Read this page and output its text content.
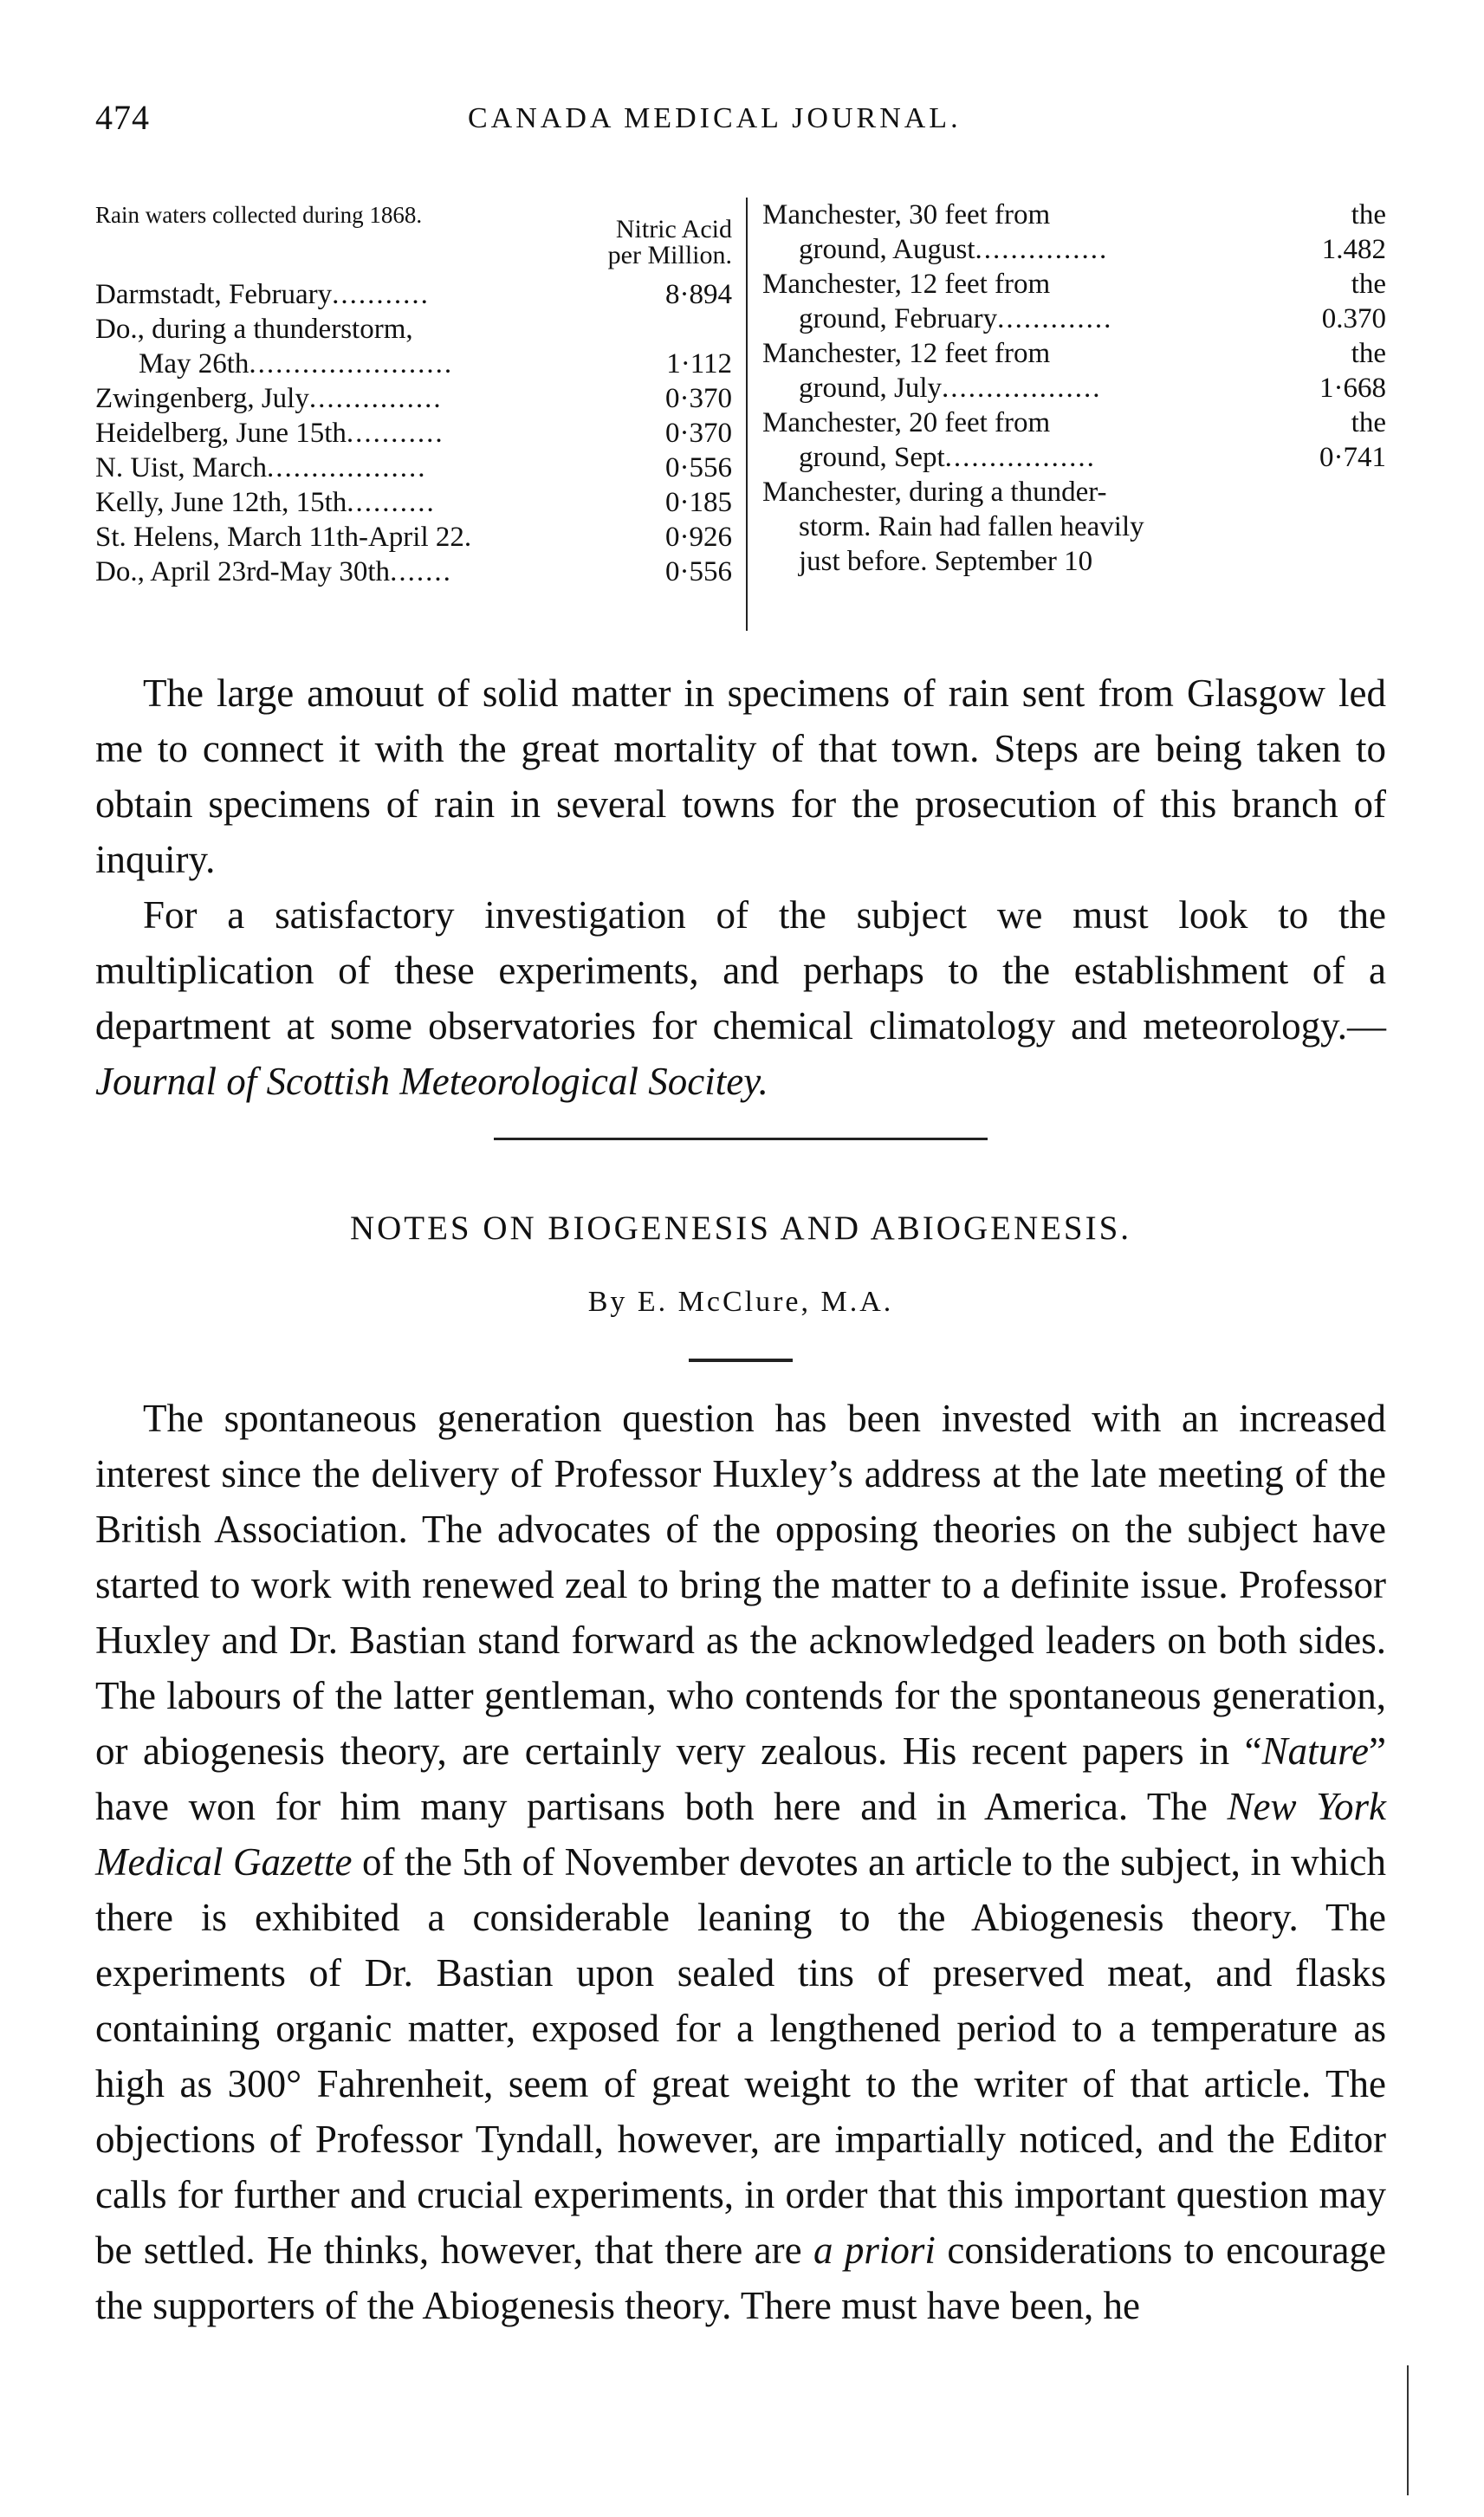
474	CANADA MEDICAL JOURNAL.
Rain waters collected during 1868.	Nitric Acid
per Million.
Darmstadt, February ...........	8·894
Do., during a thunderstorm,
May 26th .......................	1·112
Zwingenberg, July ...............	0·370
Heidelberg, June 15th ...........	0·370
N. Uist, March ..................	0·556
Kelly, June 12th, 15th ..........	0·185
St. Helens, March 11th-April 22.	0·926
Do., April 23rd-May 30th .......	0·556
Manchester, 30 feet from	the
ground, August ...............	1.482
Manchester, 12 feet from	the
ground, February .............	0.370
Manchester, 12 feet from	the
ground, July ..................	1·668
Manchester, 20 feet from	the
ground, Sept .................	0·741
Manchester, during a thunder-
storm. Rain had fallen heavily
just before. September 10

The large amouut of solid matter in specimens of rain sent from Glasgow led me to connect it with the great mortality of that town. Steps are being taken to obtain specimens of rain in several towns for the prosecution of this branch of inquiry.

For a satisfactory investigation of the subject we must look to the multiplication of these experiments, and perhaps to the establishment of a department at some observatories for chemical climatology and meteorology.—Journal of Scottish Meteorological Socitey.

NOTES ON BIOGENESIS AND ABIOGENESIS.
By E. McClure, M.A.

The spontaneous generation question has been invested with an increased interest since the delivery of Professor Huxley’s address at the late meeting of the British Association. The advocates of the opposing theories on the subject have started to work with renewed zeal to bring the matter to a definite issue. Professor Huxley and Dr. Bastian stand forward as the acknowledged leaders on both sides. The labours of the latter gentleman, who contends for the spontaneous generation, or abiogenesis theory, are certainly very zealous. His recent papers in “Nature” have won for him many partisans both here and in America. The New York Medical Gazette of the 5th of November devotes an article to the subject, in which there is exhibited a considerable leaning to the Abiogenesis theory. The experiments of Dr. Bastian upon sealed tins of preserved meat, and flasks containing organic matter, exposed for a lengthened period to a temperature as high as 300° Fahrenheit, seem of great weight to the writer of that article. The objections of Professor Tyndall, however, are impartially noticed, and the Editor calls for further and crucial experiments, in order that this important question may be settled. He thinks, however, that there are a priori considerations to encourage the supporters of the Abiogenesis theory. There must have been, he
